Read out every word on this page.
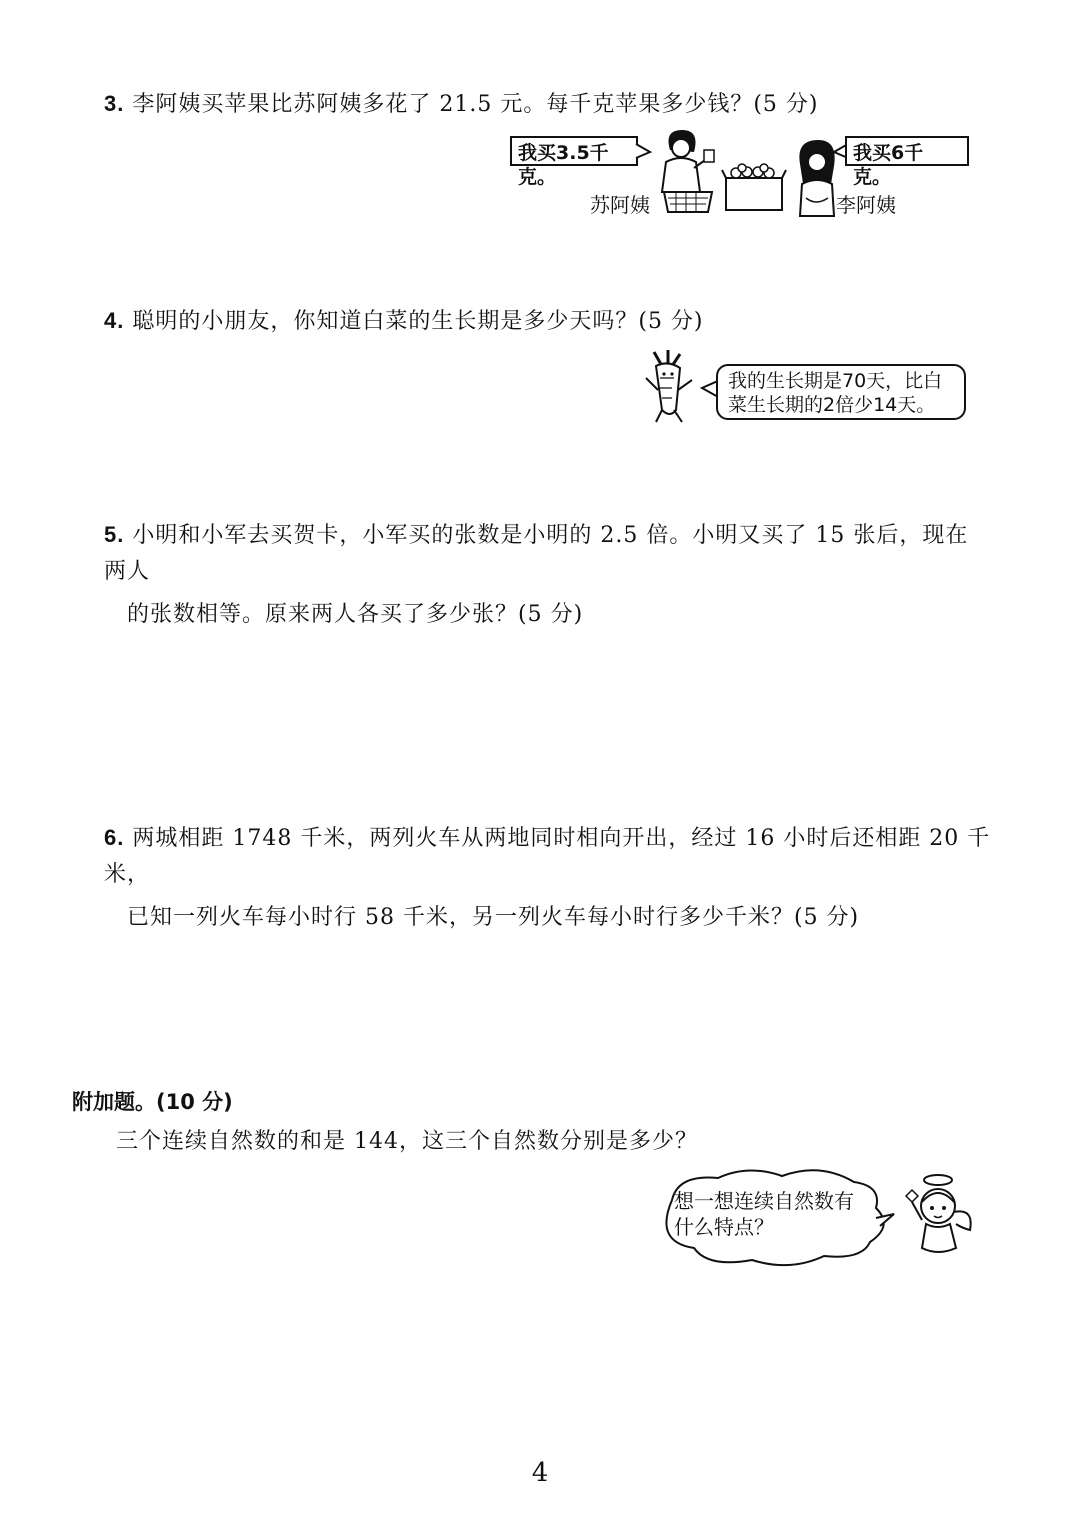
3. 李阿姨买苹果比苏阿姨多花了 21.5 元。每千克苹果多少钱？(5 分)
我买3.5千克。
我买6千克。
苏阿姨	李阿姨
4. 聪明的小朋友，你知道白菜的生长期是多少天吗？(5 分)
我的生长期是70天，比白
菜生长期的2倍少14天。
5. 小明和小军去买贺卡，小军买的张数是小明的 2.5 倍。小明又买了 15 张后，现在两人
的张数相等。原来两人各买了多少张？(5 分)
6. 两城相距 1748 千米，两列火车从两地同时相向开出，经过 16 小时后还相距 20 千米，
已知一列火车每小时行 58 千米，另一列火车每小时行多少千米？(5 分)
附加题。(10 分)
三个连续自然数的和是 144，这三个自然数分别是多少？
想一想连续自然数有
什么特点？
4
